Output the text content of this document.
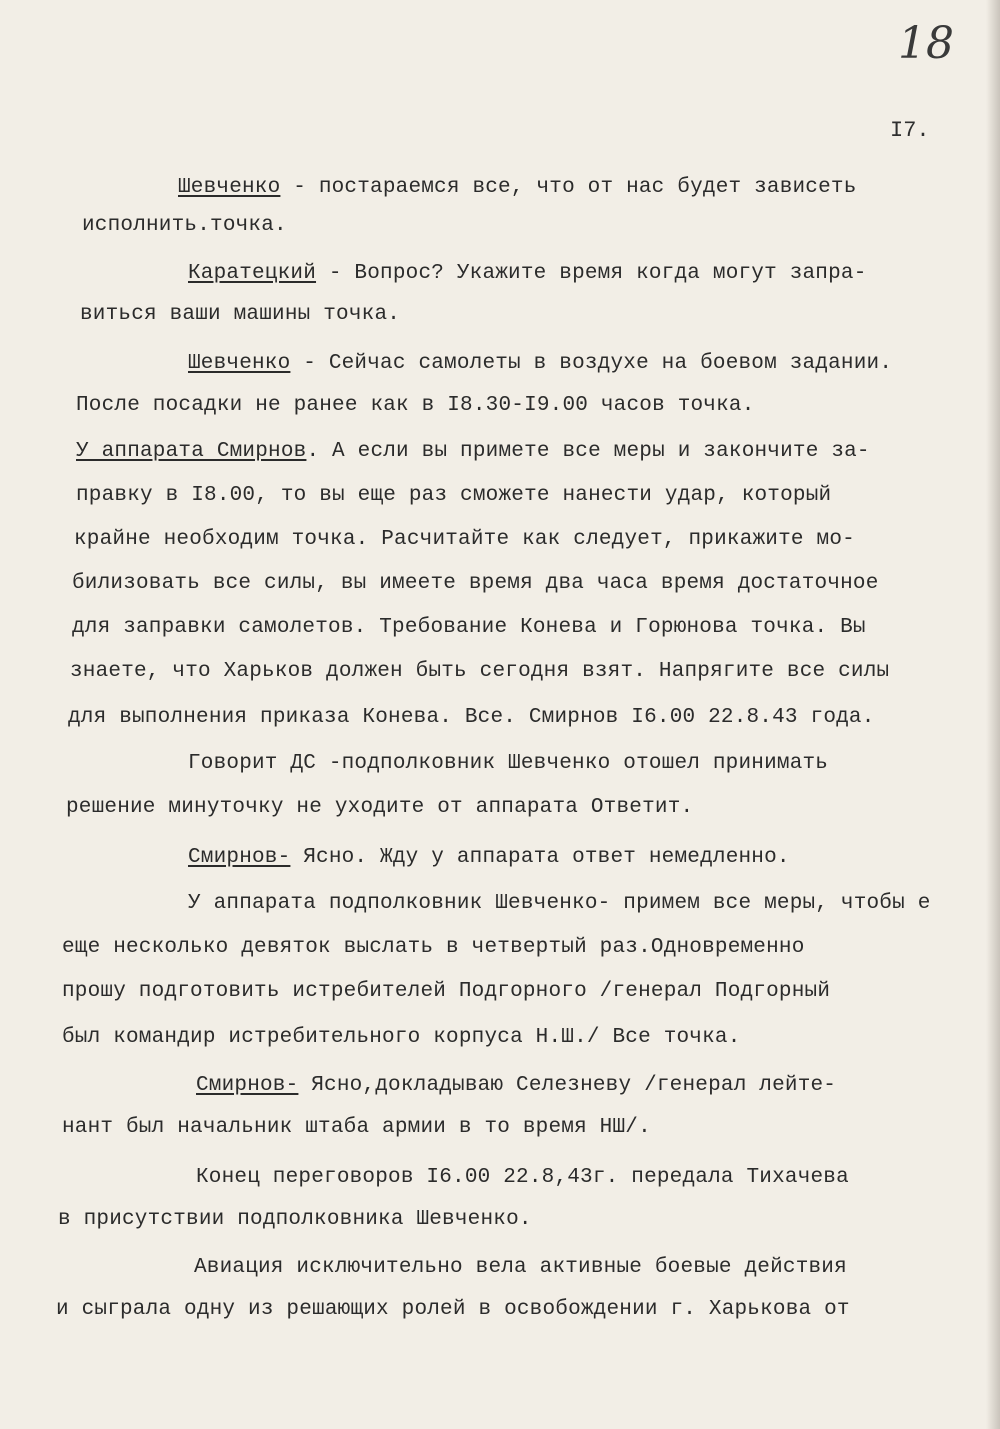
18
I7.
Шевченко - постараемся все, что от нас будет зависеть
исполнить.точка.
Каратецкий - Вопрос? Укажите время когда могут запра-
виться ваши машины точка.
Шевченко - Сейчас самолеты в воздухе на боевом задании.
После посадки не ранее как в I8.30-I9.00 часов точка.
У аппарата Смирнов. А если вы примете все меры и закончите за-
правку в I8.00, то вы еще раз сможете нанести удар, который
крайне необходим точка. Расчитайте как следует, прикажите мо-
билизовать все силы, вы имеете время два часа время достаточное
для заправки самолетов. Требование Конева и Горюнова точка. Вы
знаете, что Харьков должен быть сегодня взят. Напрягите все силы
для выполнения приказа Конева. Все. Смирнов I6.00 22.8.43 года.
Говорит ДС -подполковник Шевченко отошел принимать
решение минуточку не уходите от аппарата Ответит.
Смирнов- Ясно. Жду у аппарата ответ немедленно.
У аппарата подполковник Шевченко- примем все меры, чтобы е
еще несколько девяток выслать в четвертый раз.Одновременно
прошу подготовить истребителей Подгорного /генерал Подгорный
был командир истребительного корпуса Н.Ш./ Все точка.
Смирнов- Ясно,докладываю Селезневу /генерал лейте-
нант был начальник штаба армии в то время НШ/.
Конец переговоров I6.00 22.8,43г. передала Тихачева
в присутствии подполковника Шевченко.
Авиация исключительно вела активные боевые действия
и сыграла одну из решающих ролей в освобождении г. Харькова от
